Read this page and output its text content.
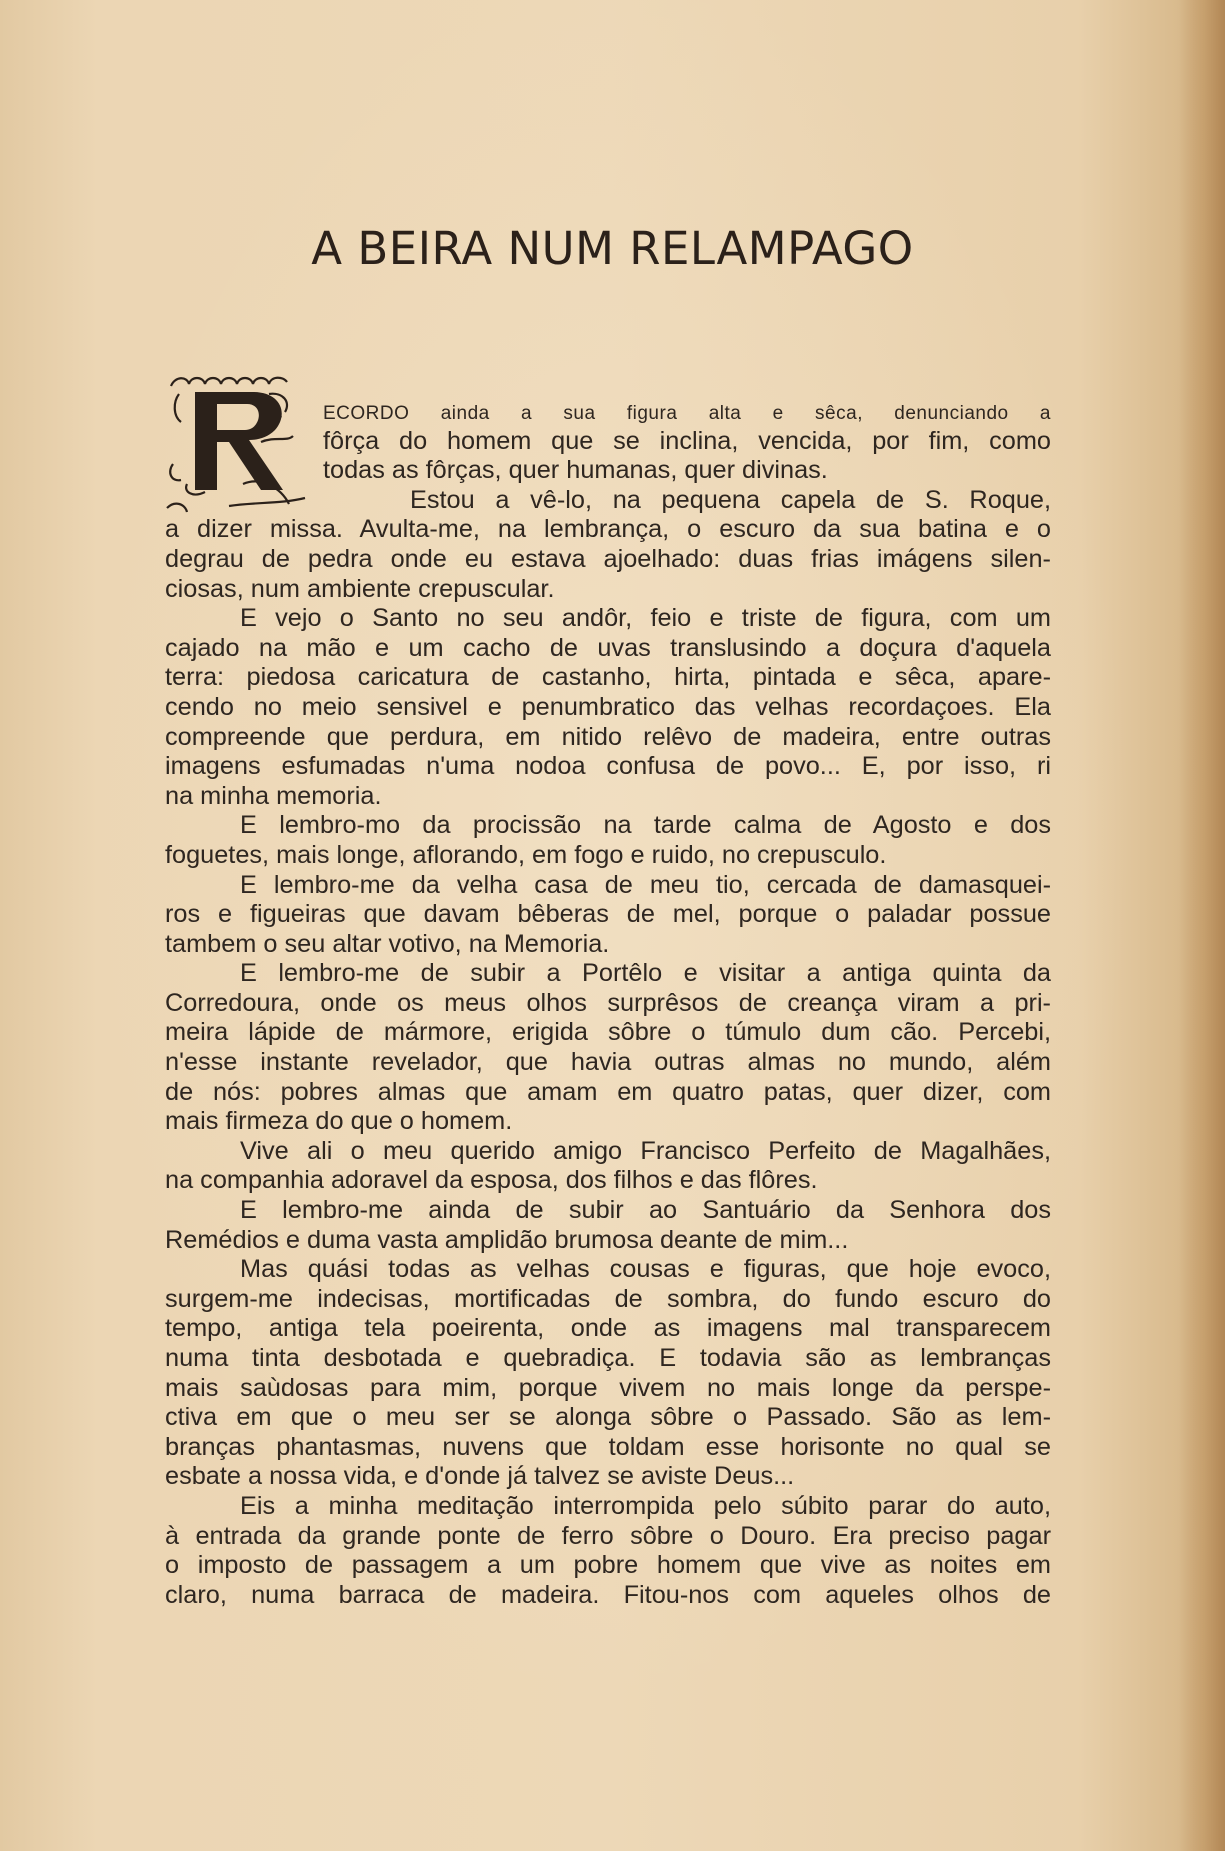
A BEIRA NUM RELAMPAGO
R
ECORDO ainda a sua figura alta e sêca, denunciando a
fôrça do homem que se inclina, vencida, por fim, como
todas as fôrças, quer humanas, quer divinas.
Estou a vê-lo, na pequena capela de S. Roque,
a dizer missa. Avulta-me, na lembrança, o escuro da sua batina e o
degrau de pedra onde eu estava ajoelhado: duas frias imágens silen-
ciosas, num ambiente crepuscular.
E vejo o Santo no seu andôr, feio e triste de figura, com um
cajado na mão e um cacho de uvas translusindo a doçura d'aquela
terra: piedosa caricatura de castanho, hirta, pintada e sêca, apare-
cendo no meio sensivel e penumbratico das velhas recordaçoes. Ela
compreende que perdura, em nitido relêvo de madeira, entre outras
imagens esfumadas n'uma nodoa confusa de povo... E, por isso, ri
na minha memoria.
E lembro-mo da procissão na tarde calma de Agosto e dos
foguetes, mais longe, aflorando, em fogo e ruido, no crepusculo.
E lembro-me da velha casa de meu tio, cercada de damasquei-
ros e figueiras que davam bêberas de mel, porque o paladar possue
tambem o seu altar votivo, na Memoria.
E lembro-me de subir a Portêlo e visitar a antiga quinta da
Corredoura, onde os meus olhos surprêsos de creança viram a pri-
meira lápide de mármore, erigida sôbre o túmulo dum cão. Percebi,
n'esse instante revelador, que havia outras almas no mundo, além
de nós: pobres almas que amam em quatro patas, quer dizer, com
mais firmeza do que o homem.
Vive ali o meu querido amigo Francisco Perfeito de Magalhães,
na companhia adoravel da esposa, dos filhos e das flôres.
E lembro-me ainda de subir ao Santuário da Senhora dos
Remédios e duma vasta amplidão brumosa deante de mim...
Mas quási todas as velhas cousas e figuras, que hoje evoco,
surgem-me indecisas, mortificadas de sombra, do fundo escuro do
tempo, antiga tela poeirenta, onde as imagens mal transparecem
numa tinta desbotada e quebradiça. E todavia são as lembranças
mais saùdosas para mim, porque vivem no mais longe da perspe-
ctiva em que o meu ser se alonga sôbre o Passado. São as lem-
branças phantasmas, nuvens que toldam esse horisonte no qual se
esbate a nossa vida, e d'onde já talvez se aviste Deus...
Eis a minha meditação interrompida pelo súbito parar do auto,
à entrada da grande ponte de ferro sôbre o Douro. Era preciso pagar
o imposto de passagem a um pobre homem que vive as noites em
claro, numa barraca de madeira. Fitou-nos com aqueles olhos de
